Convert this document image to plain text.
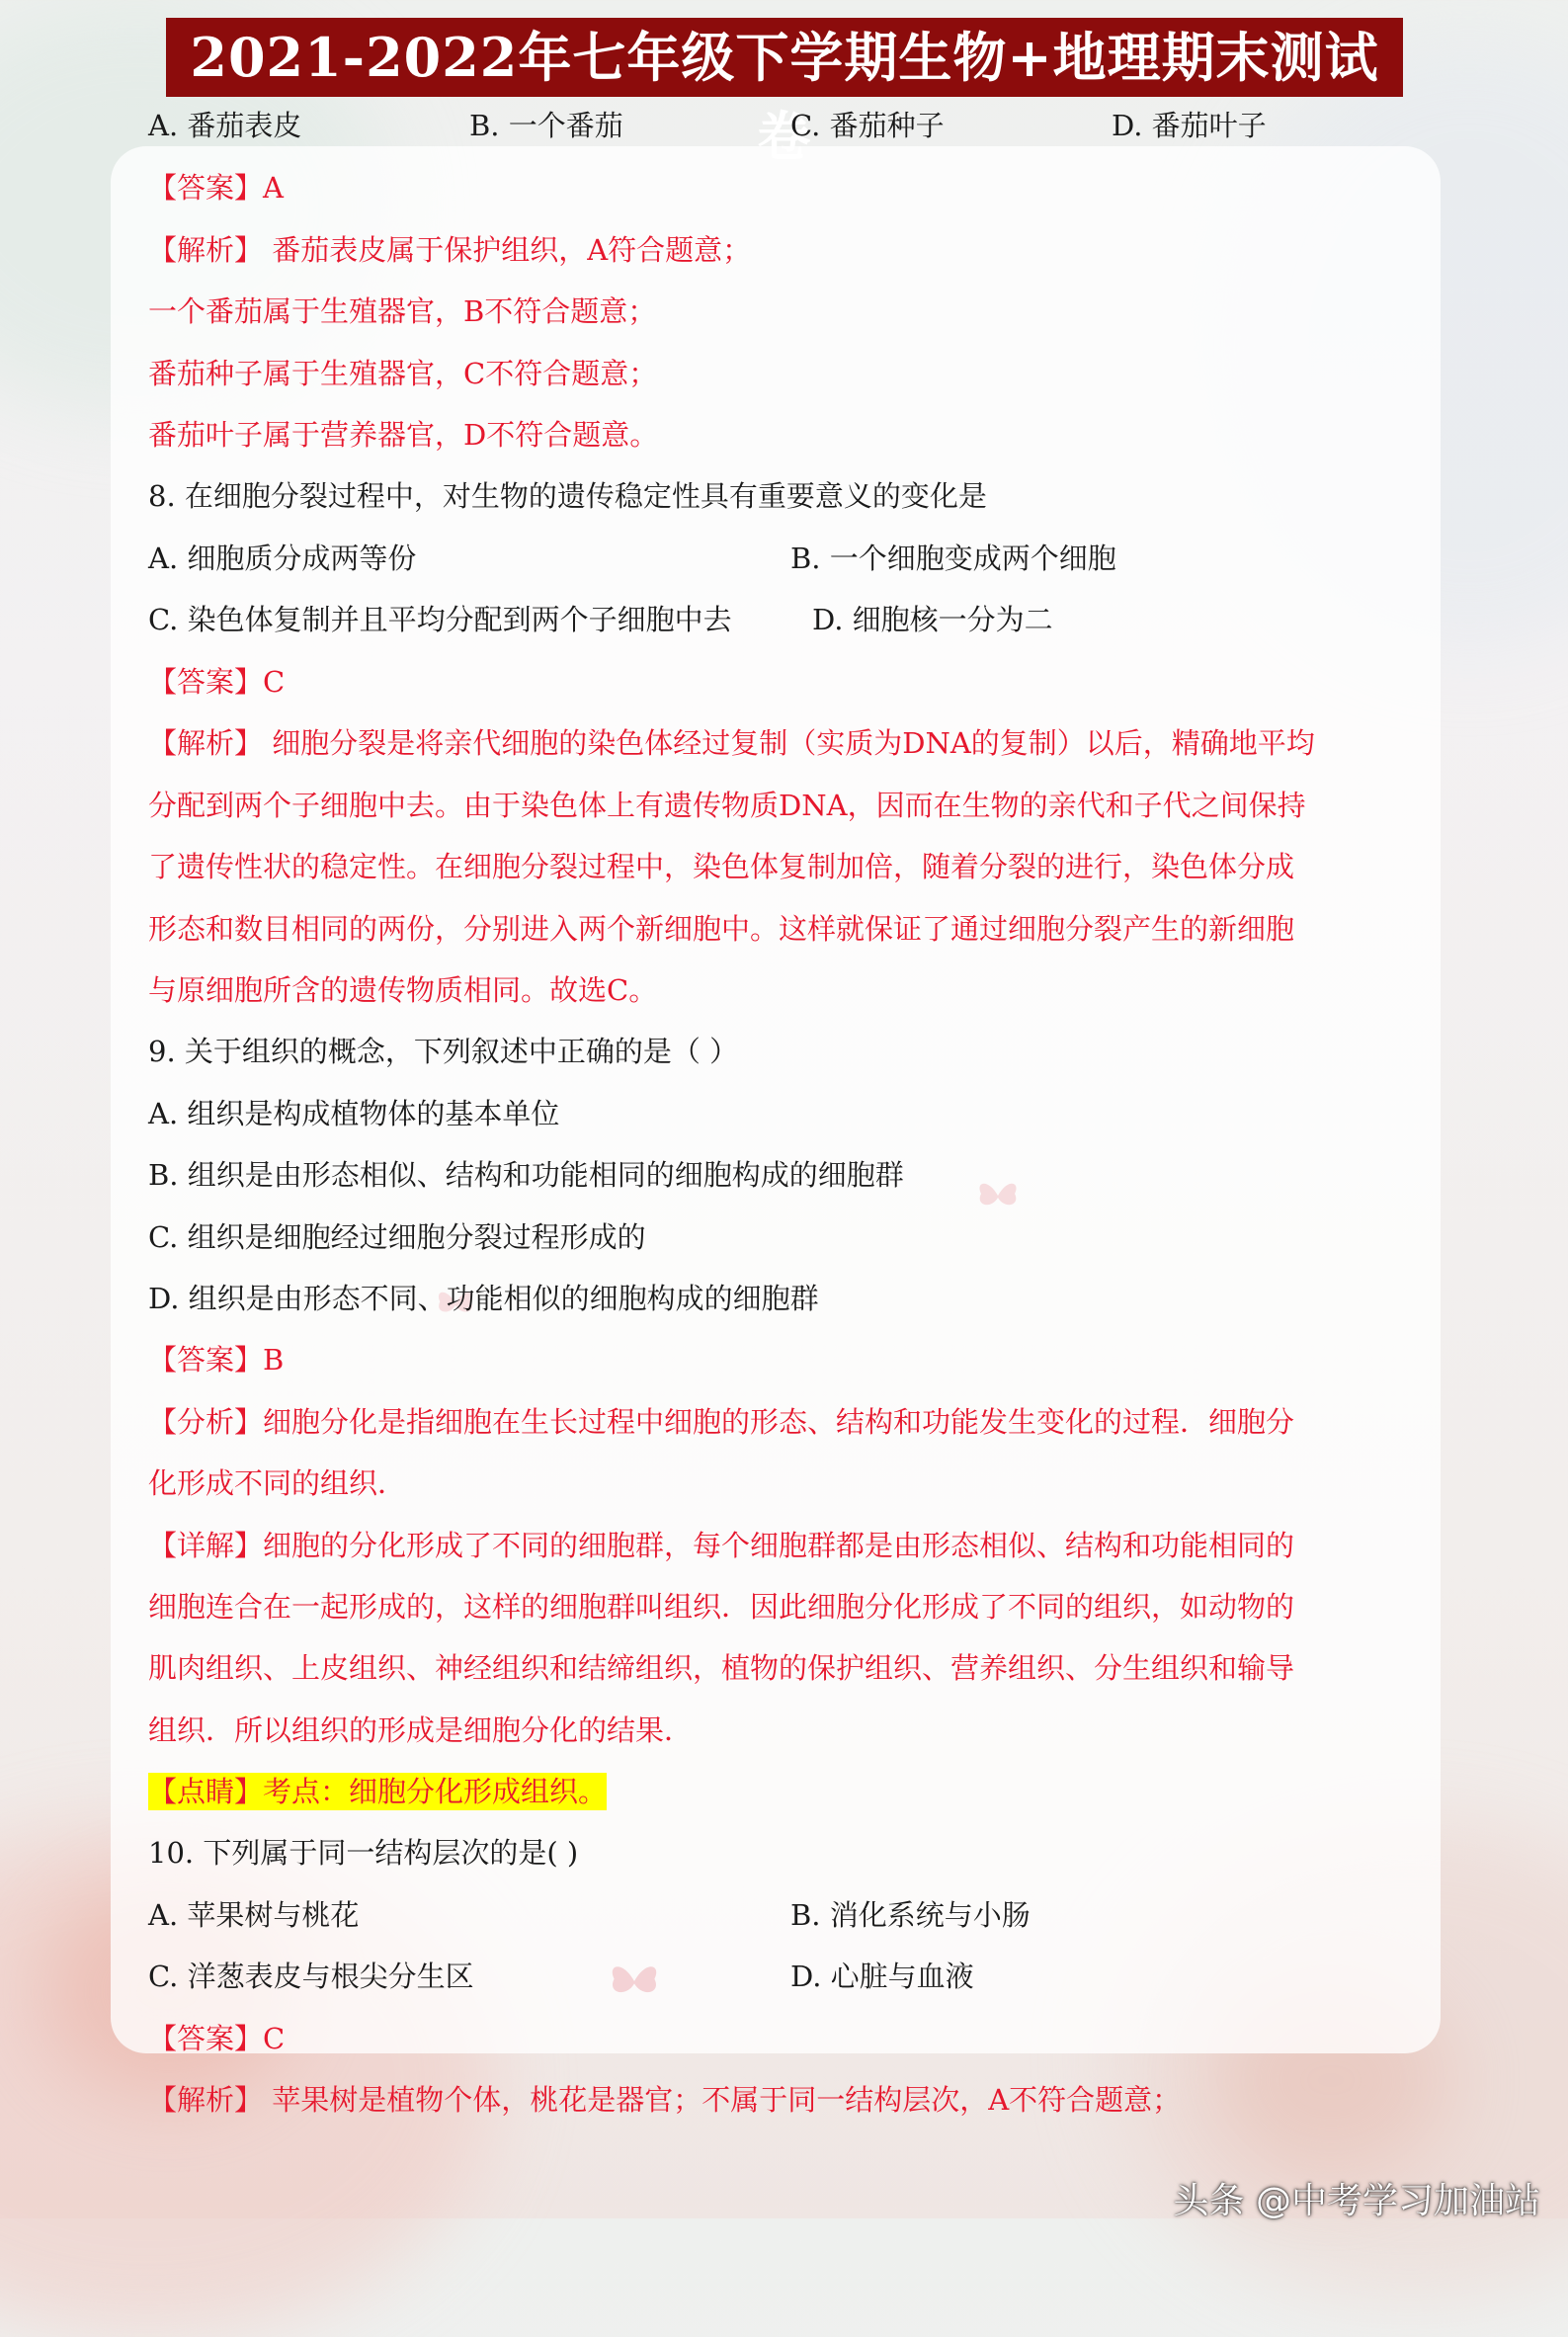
2021-2022年七年级下学期生物+地理期末测试卷
A. 番茄表皮	B. 一个番茄	C. 番茄种子	D. 番茄叶子
【答案】A
【解析】 番茄表皮属于保护组织，A符合题意；
一个番茄属于生殖器官，B不符合题意；
番茄种子属于生殖器官，C不符合题意；
番茄叶子属于营养器官，D不符合题意。
8. 在细胞分裂过程中，对生物的遗传稳定性具有重要意义的变化是
A. 细胞质分成两等份	B. 一个细胞变成两个细胞
C. 染色体复制并且平均分配到两个子细胞中去	D. 细胞核一分为二
【答案】C
【解析】 细胞分裂是将亲代细胞的染色体经过复制（实质为DNA的复制）以后，精确地平均
分配到两个子细胞中去。由于染色体上有遗传物质DNA，因而在生物的亲代和子代之间保持
了遗传性状的稳定性。在细胞分裂过程中，染色体复制加倍，随着分裂的进行，染色体分成
形态和数目相同的两份，分别进入两个新细胞中。这样就保证了通过细胞分裂产生的新细胞
与原细胞所含的遗传物质相同。故选C。
9. 关于组织的概念，下列叙述中正确的是（ ）
A. 组织是构成植物体的基本单位
B. 组织是由形态相似、结构和功能相同的细胞构成的细胞群
C. 组织是细胞经过细胞分裂过程形成的
D. 组织是由形态不同、功能相似的细胞构成的细胞群
【答案】B
【分析】细胞分化是指细胞在生长过程中细胞的形态、结构和功能发生变化的过程．细胞分
化形成不同的组织．
【详解】细胞的分化形成了不同的细胞群，每个细胞群都是由形态相似、结构和功能相同的
细胞连合在一起形成的，这样的细胞群叫组织．因此细胞分化形成了不同的组织，如动物的
肌肉组织、上皮组织、神经组织和结缔组织，植物的保护组织、营养组织、分生组织和输导
组织．所以组织的形成是细胞分化的结果．
【点睛】考点：细胞分化形成组织。
10. 下列属于同一结构层次的是( )
A. 苹果树与桃花	B. 消化系统与小肠
C. 洋葱表皮与根尖分生区	D. 心脏与血液
【答案】C
【解析】 苹果树是植物个体，桃花是器官；不属于同一结构层次，A不符合题意；
头条 @中考学习加油站
